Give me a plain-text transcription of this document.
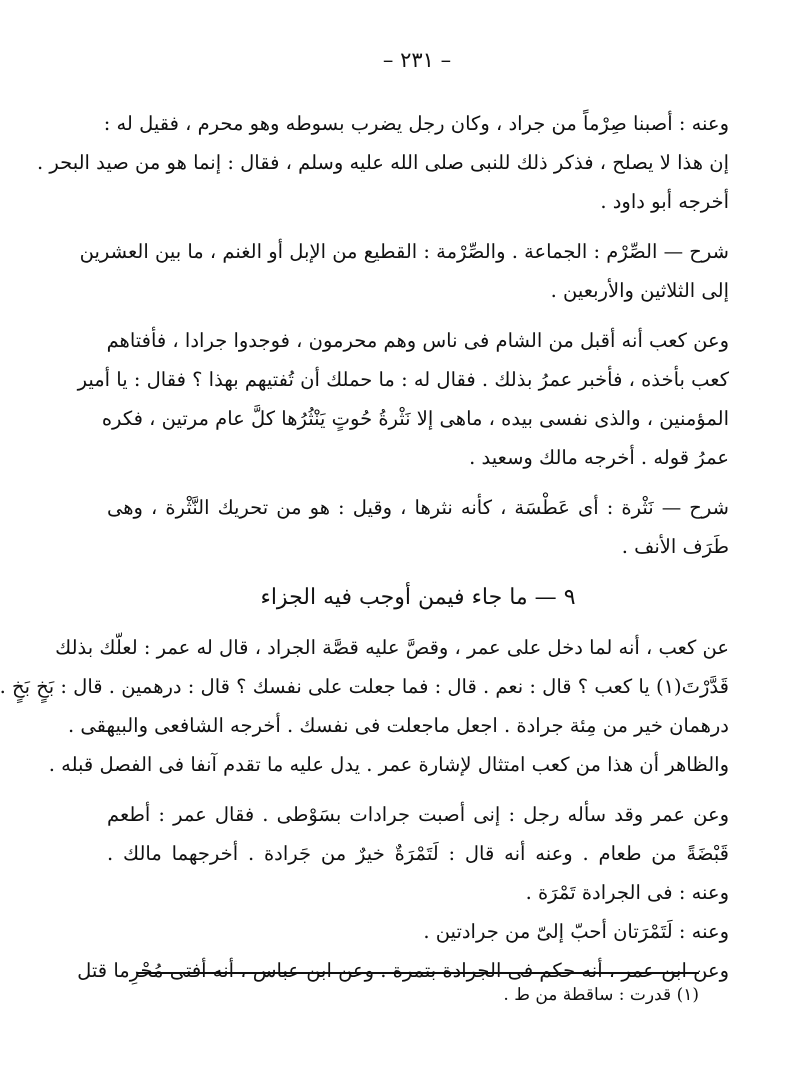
– ٢٣١ –
وعنه : أصبنا صِرْماً من جراد ، وكان رجل يضرب بسوطه وهو محرم ، فقيل له :
إن هذا لا يصلح ، فذكر ذلك للنبى صلى الله عليه وسلم ، فقال : إنما هو من صيد البحر .
أخرجه أبو داود .
شرح — الصِّرْم : الجماعة . والصِّرْمة : القطيع من الإبل أو الغنم ، ما بين العشرين
إلى الثلاثين والأربعين .
وعن كعب أنه أقبل من الشام فى ناس وهم محرمون ، فوجدوا جرادا ، فأفتاهم
كعب بأخذه ، فأخبر عمرُ بذلك . فقال له : ما حملك أن تُفتيهم بهذا ؟ فقال : يا أمير
المؤمنين ، والذى نفسى بيده ، ماهى إلا نَثْرةُ حُوتٍ يَنْثُرُها كلَّ عام مرتين ، فكره
عمرُ قوله . أخرجه مالك وسعيد .
شرح — نَثْرة : أى عَطْسَة ، كأنه نثرها ، وقيل : هو من تحريك النَّثْرة ، وهى
طَرَف الأنف .
٩ — ما جاء فيمن أوجب فيه الجزاء
عن كعب ، أنه لما دخل على عمر ، وقصَّ عليه قصَّة الجراد ، قال له عمر : لعلّك بذلك
قَدَّرْتَ(١) يا كعب ؟ قال : نعم . قال : فما جعلت على نفسك ؟ قال : درهمين . قال : بَخٍ بَخٍ .
درهمان خير من مِئة جرادة . اجعل ماجعلت فى نفسك . أخرجه الشافعى والبيهقى .
والظاهر أن هذا من كعب امتثال لإشارة عمر . يدل عليه ما تقدم آنفا فى الفصل قبله .
وعن عمر وقد سأله رجل : إنى أصبت جرادات بسَوْطى . فقال عمر : أطعم
قَبْضَةً من طعام . وعنه أنه قال : لَتَمْرَةٌ خيرٌ من جَرادة . أخرجهما مالك .
وعنه : فى الجرادة تَمْرَة .
وعنه : لَتَمْرَتان أحبّ إلىّ من جرادتين .
وعن ابن عمر ، أنه حكم فى الجرادة بتمرة . وعن ابن عباس ، أنه أفتى مُحْرِما قتل
(١) قدرت : ساقطة من ط .
